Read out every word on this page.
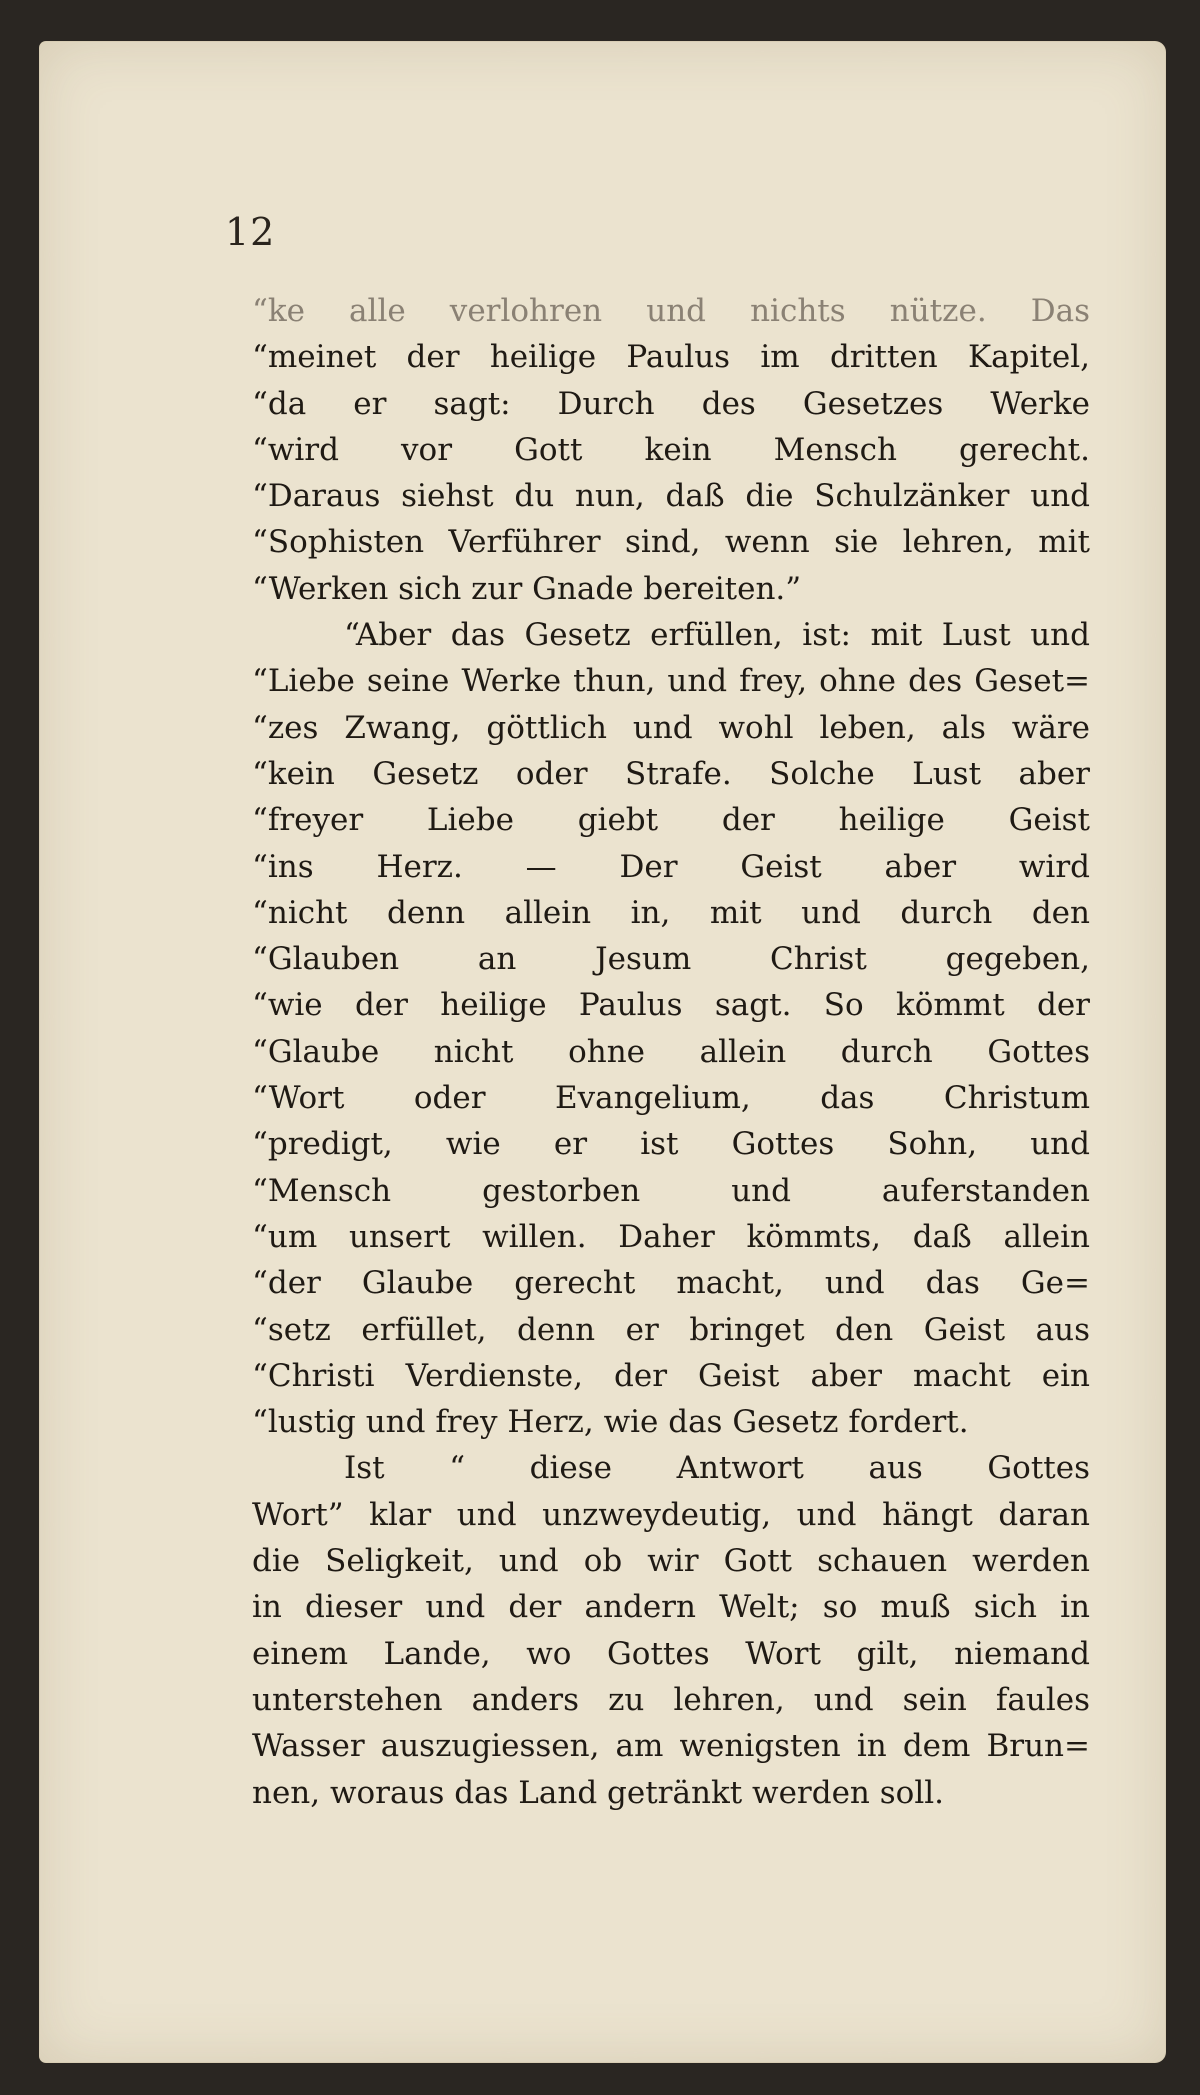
12
“ke alle verlohren und nichts nütze. Das
“meinet der heilige Paulus im dritten Kapitel,
“da er sagt: Durch des Gesetzes Werke
“wird vor Gott kein Mensch gerecht.
“Daraus siehst du nun, daß die Schulzänker und
“Sophisten Verführer sind, wenn sie lehren, mit
“Werken sich zur Gnade bereiten.”
“Aber das Gesetz erfüllen, ist: mit Lust und
“Liebe seine Werke thun, und frey, ohne des Geset=
“zes Zwang, göttlich und wohl leben, als wäre
“kein Gesetz oder Strafe. Solche Lust aber
“freyer Liebe giebt der heilige Geist
“ins Herz. — Der Geist aber wird
“nicht denn allein in, mit und durch den
“Glauben an Jesum Christ gegeben,
“wie der heilige Paulus sagt. So kömmt der
“Glaube nicht ohne allein durch Gottes
“Wort oder Evangelium, das Christum
“predigt, wie er ist Gottes Sohn, und
“Mensch gestorben und auferstanden
“um unsert willen. Daher kömmts, daß allein
“der Glaube gerecht macht, und das Ge=
“setz erfüllet, denn er bringet den Geist aus
“Christi Verdienste, der Geist aber macht ein
“lustig und frey Herz, wie das Gesetz fordert.
Ist “ diese Antwort aus Gottes
Wort” klar und unzweydeutig, und hängt daran
die Seligkeit, und ob wir Gott schauen werden
in dieser und der andern Welt; so muß sich in
einem Lande, wo Gottes Wort gilt, niemand
unterstehen anders zu lehren, und sein faules
Wasser auszugiessen, am wenigsten in dem Brun=
nen, woraus das Land getränkt werden soll.
